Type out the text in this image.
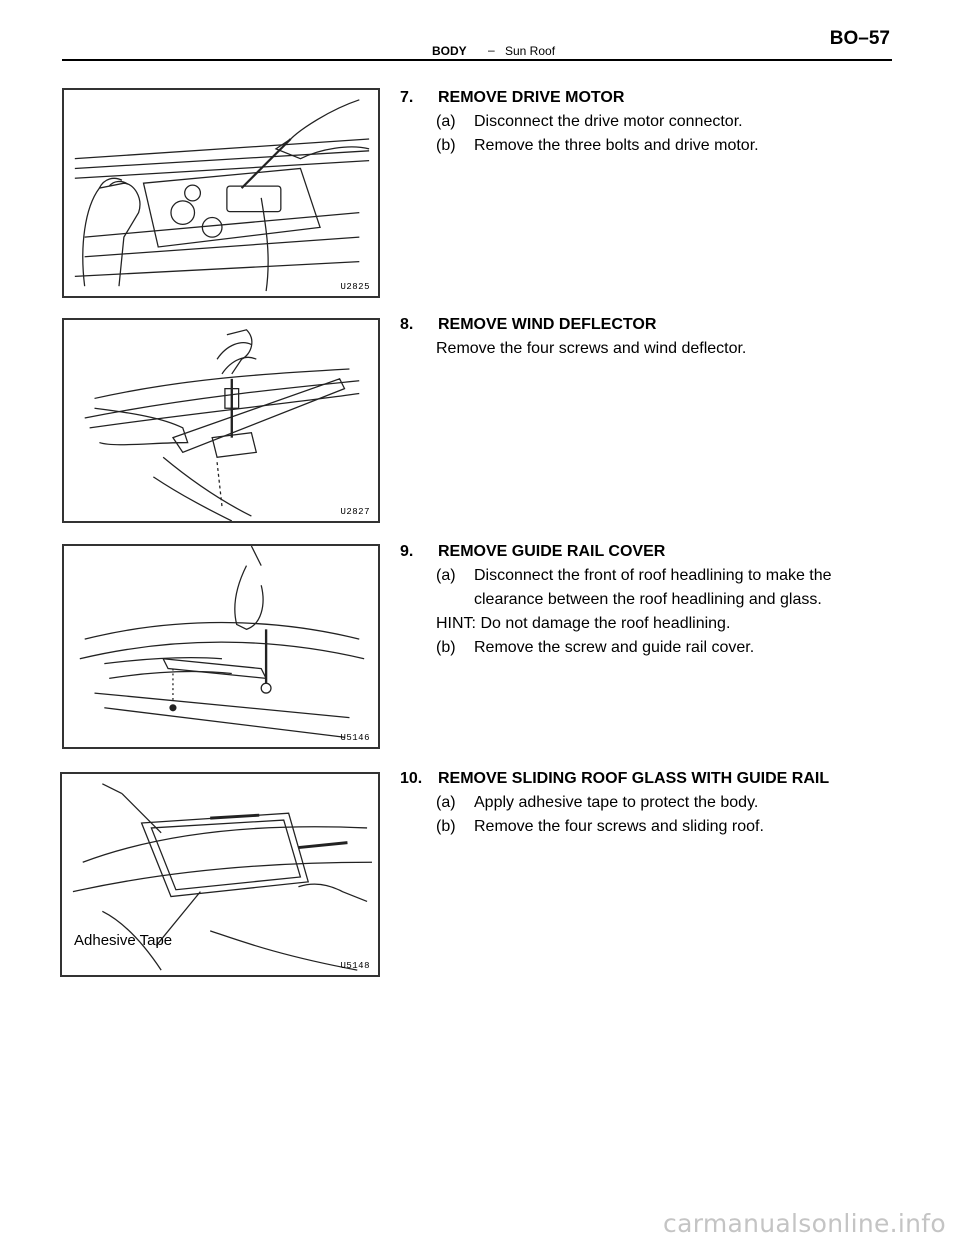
BODY – Sun Roof
BO–57
U2825
7.	REMOVE DRIVE MOTOR
(a)	Disconnect the drive motor connector.
(b)	Remove the three bolts and drive motor.
U2827
8.	REMOVE WIND DEFLECTOR
Remove the four screws and wind deflector.
U5146
9.	REMOVE GUIDE RAIL COVER
(a)	Disconnect the front of roof headlining to make the clearance between the roof headlining and glass.
HINT: Do not damage the roof headlining.
(b)	Remove the screw and guide rail cover.
Adhesive Tape
U5148
10. REMOVE SLIDING ROOF GLASS WITH GUIDE RAIL
(a)	Apply adhesive tape to protect the body.
(b)	Remove the four screws and sliding roof.
carmanualsonline.info
